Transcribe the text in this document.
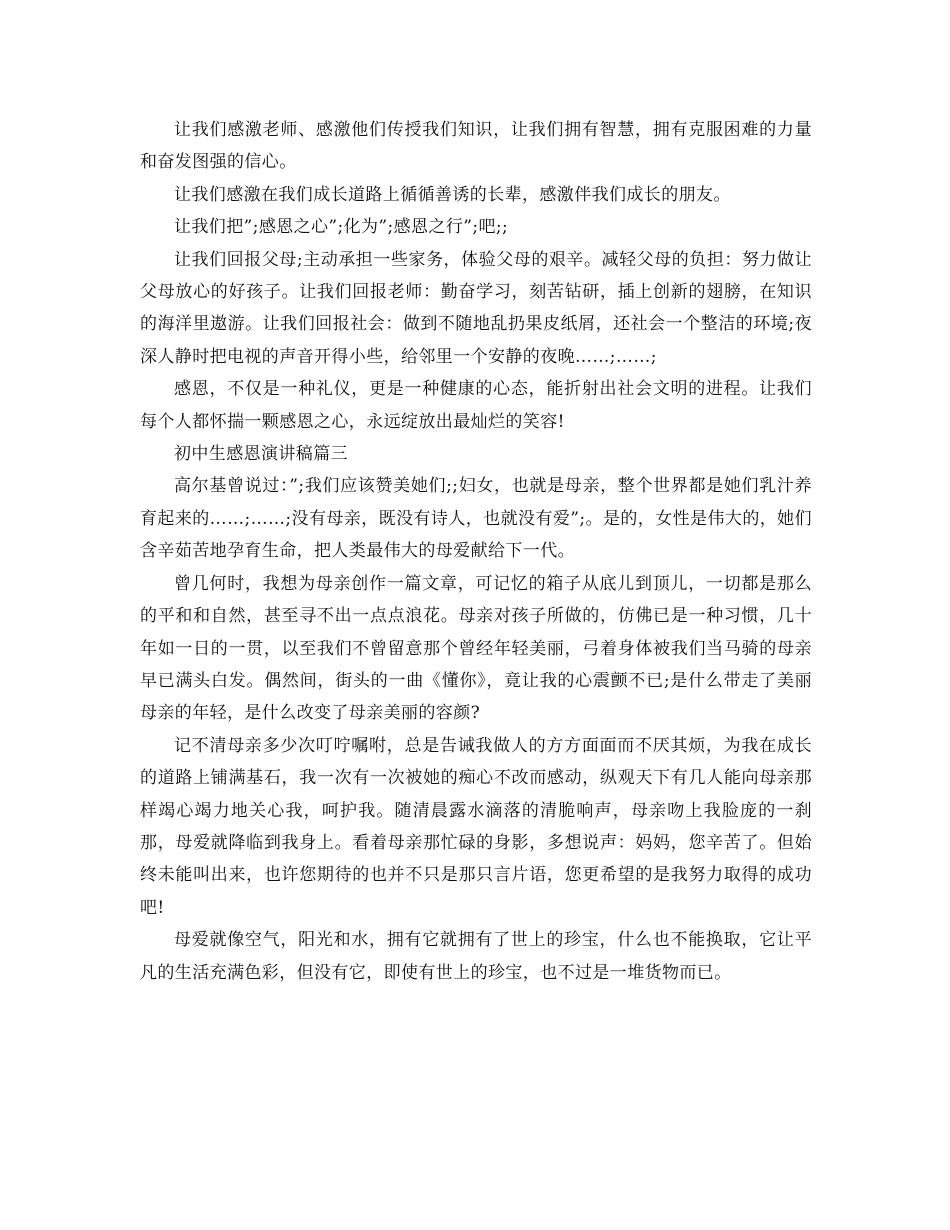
让我们感激老师、感激他们传授我们知识，让我们拥有智慧，拥有克服困难的力量和奋发图强的信心。

让我们感激在我们成长道路上循循善诱的长辈，感激伴我们成长的朋友。

让我们把”;感恩之心”;化为”;感恩之行”;吧;;

让我们回报父母;主动承担一些家务，体验父母的艰辛。减轻父母的负担：努力做让父母放心的好孩子。让我们回报老师：勤奋学习，刻苦钻研，插上创新的翅膀，在知识的海洋里遨游。让我们回报社会：做到不随地乱扔果皮纸屑，还社会一个整洁的环境;夜深人静时把电视的声音开得小些，给邻里一个安静的夜晚……;……;

感恩，不仅是一种礼仪，更是一种健康的心态，能折射出社会文明的进程。让我们每个人都怀揣一颗感恩之心，永远绽放出最灿烂的笑容!

初中生感恩演讲稿篇三

高尔基曾说过：”;我们应该赞美她们;;妇女，也就是母亲，整个世界都是她们乳汁养育起来的……;……;没有母亲，既没有诗人，也就没有爱”;。是的，女性是伟大的，她们含辛茹苦地孕育生命，把人类最伟大的母爱献给下一代。

曾几何时，我想为母亲创作一篇文章，可记忆的箱子从底儿到顶儿，一切都是那么的平和和自然，甚至寻不出一点点浪花。母亲对孩子所做的，仿佛已是一种习惯，几十年如一日的一贯，以至我们不曾留意那个曾经年轻美丽，弓着身体被我们当马骑的母亲早已满头白发。偶然间，街头的一曲《懂你》，竟让我的心震颤不已;是什么带走了美丽母亲的年轻，是什么改变了母亲美丽的容颜?

记不清母亲多少次叮咛嘱咐，总是告诫我做人的方方面面而不厌其烦，为我在成长的道路上铺满基石，我一次有一次被她的痴心不改而感动，纵观天下有几人能向母亲那样竭心竭力地关心我，呵护我。随清晨露水滴落的清脆响声，母亲吻上我脸庞的一刹那，母爱就降临到我身上。看着母亲那忙碌的身影，多想说声：妈妈，您辛苦了。但始终未能叫出来，也许您期待的也并不只是那只言片语，您更希望的是我努力取得的成功吧!

母爱就像空气，阳光和水，拥有它就拥有了世上的珍宝，什么也不能换取，它让平凡的生活充满色彩，但没有它，即使有世上的珍宝，也不过是一堆货物而已。
